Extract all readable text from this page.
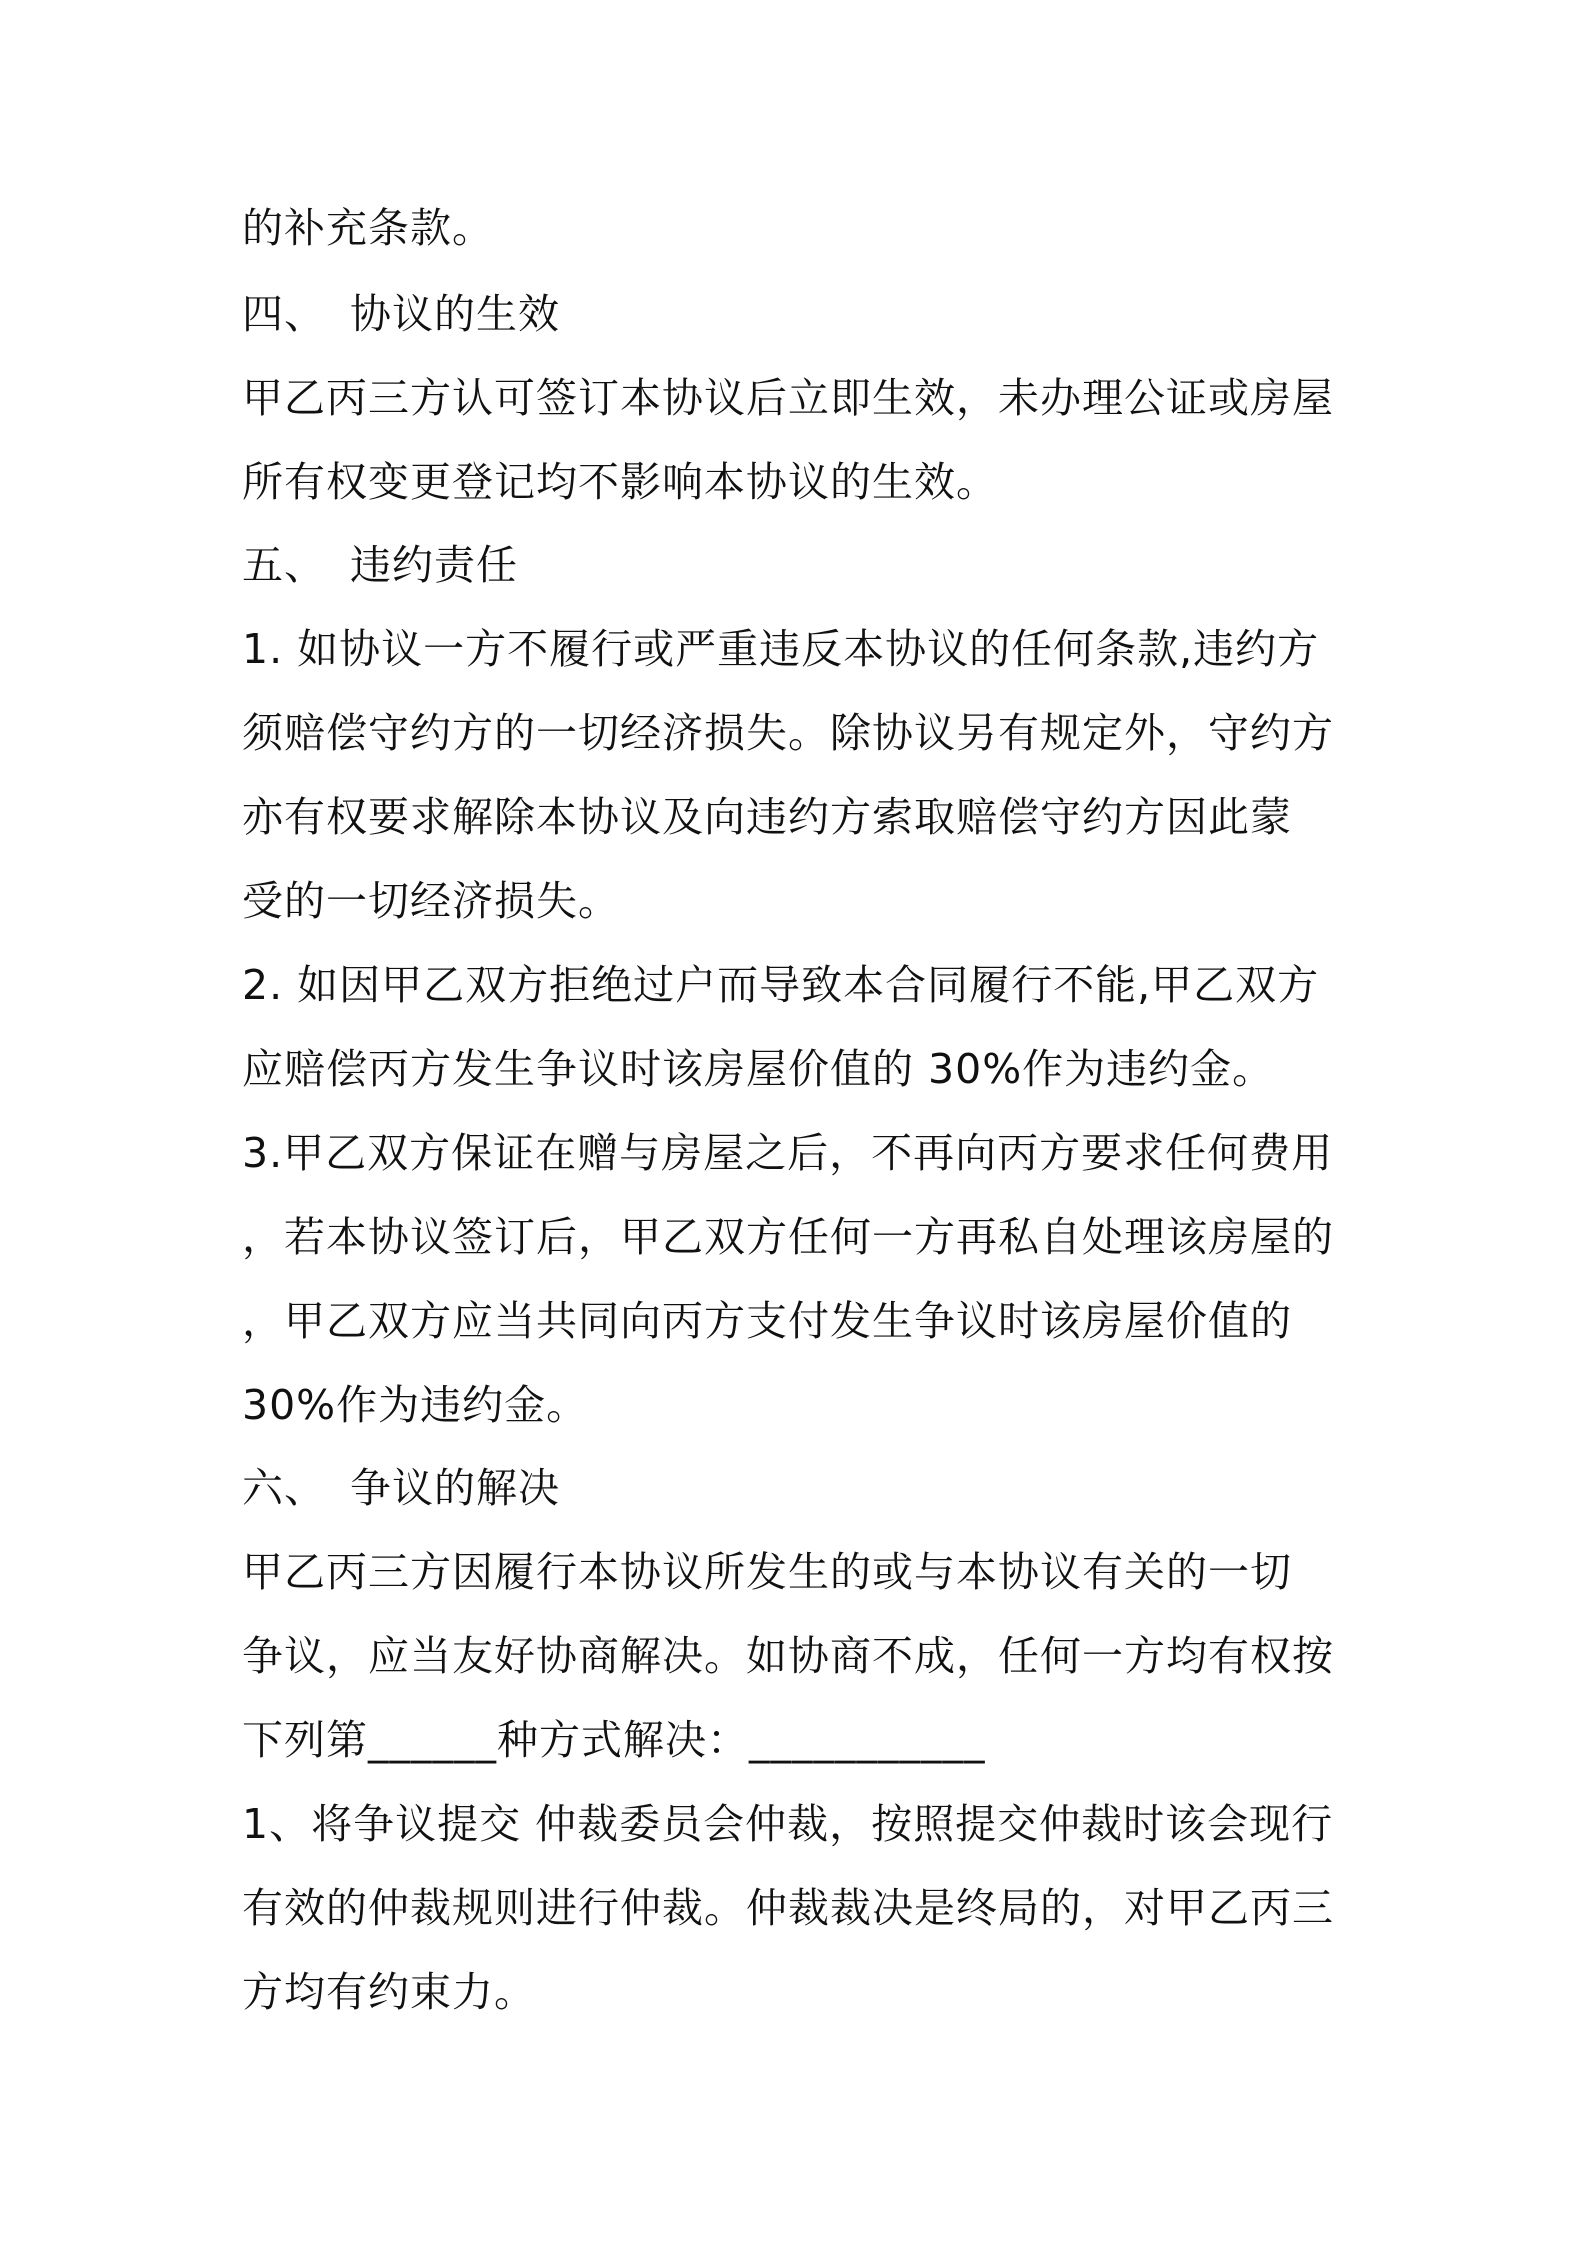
的补充条款。
四、 协议的生效
甲乙丙三方认可签订本协议后立即生效，未办理公证或房屋
所有权变更登记均不影响本协议的生效。
五、 违约责任
1. 如协议一方不履行或严重违反本协议的任何条款,违约方
须赔偿守约方的一切经济损失。除协议另有规定外，守约方
亦有权要求解除本协议及向违约方索取赔偿守约方因此蒙
受的一切经济损失。
2. 如因甲乙双方拒绝过户而导致本合同履行不能,甲乙双方
应赔偿丙方发生争议时该房屋价值的 30%作为违约金。
3.甲乙双方保证在赠与房屋之后，不再向丙方要求任何费用
，若本协议签订后，甲乙双方任何一方再私自处理该房屋的
，甲乙双方应当共同向丙方支付发生争议时该房屋价值的
30%作为违约金。
六、 争议的解决
甲乙丙三方因履行本协议所发生的或与本协议有关的一切
争议，应当友好协商解决。如协商不成，任何一方均有权按
下列第______种方式解决：___________
1、将争议提交 仲裁委员会仲裁，按照提交仲裁时该会现行
有效的仲裁规则进行仲裁。仲裁裁决是终局的，对甲乙丙三
方均有约束力。
